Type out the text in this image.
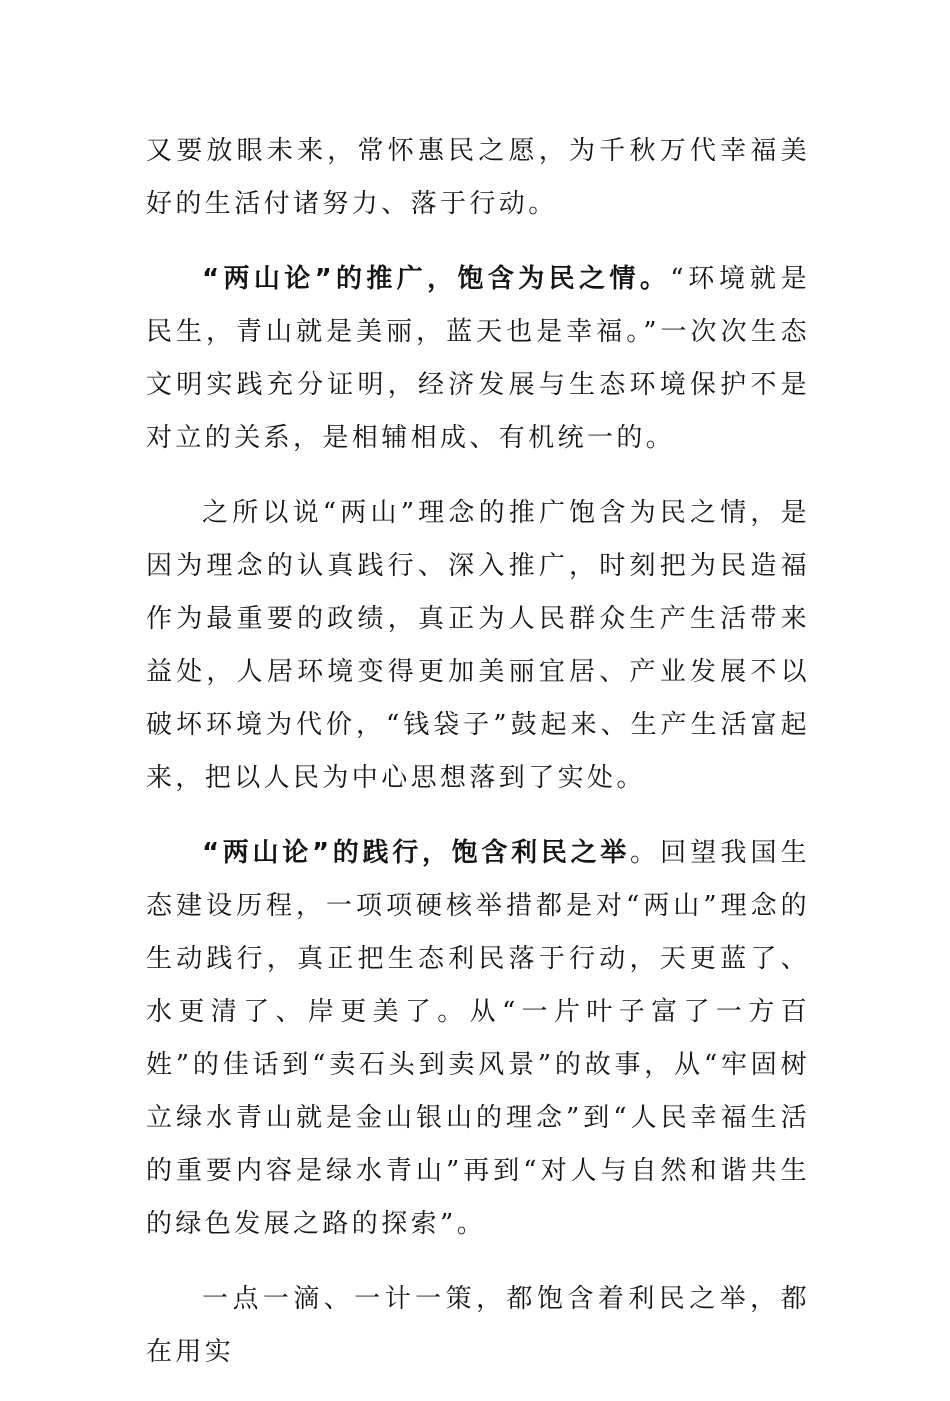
又要放眼未来，常怀惠民之愿，为千秋万代幸福美好的生活付诸努力、落于行动。

“两山论”的推广，饱含为民之情。“环境就是民生，青山就是美丽，蓝天也是幸福。”一次次生态文明实践充分证明，经济发展与生态环境保护不是对立的关系，是相辅相成、有机统一的。

之所以说“两山”理念的推广饱含为民之情，是因为理念的认真践行、深入推广，时刻把为民造福作为最重要的政绩，真正为人民群众生产生活带来益处，人居环境变得更加美丽宜居、产业发展不以破坏环境为代价，“钱袋子”鼓起来、生产生活富起来，把以人民为中心思想落到了实处。

“两山论”的践行，饱含利民之举。回望我国生态建设历程，一项项硬核举措都是对“两山”理念的生动践行，真正把生态利民落于行动，天更蓝了、水更清了、岸更美了。从“一片叶子富了一方百姓”的佳话到“卖石头到卖风景”的故事，从“牢固树立绿水青山就是金山银山的理念”到“人民幸福生活的重要内容是绿水青山”再到“对人与自然和谐共生的绿色发展之路的探索”。

一点一滴、一计一策，都饱含着利民之举，都在用实
